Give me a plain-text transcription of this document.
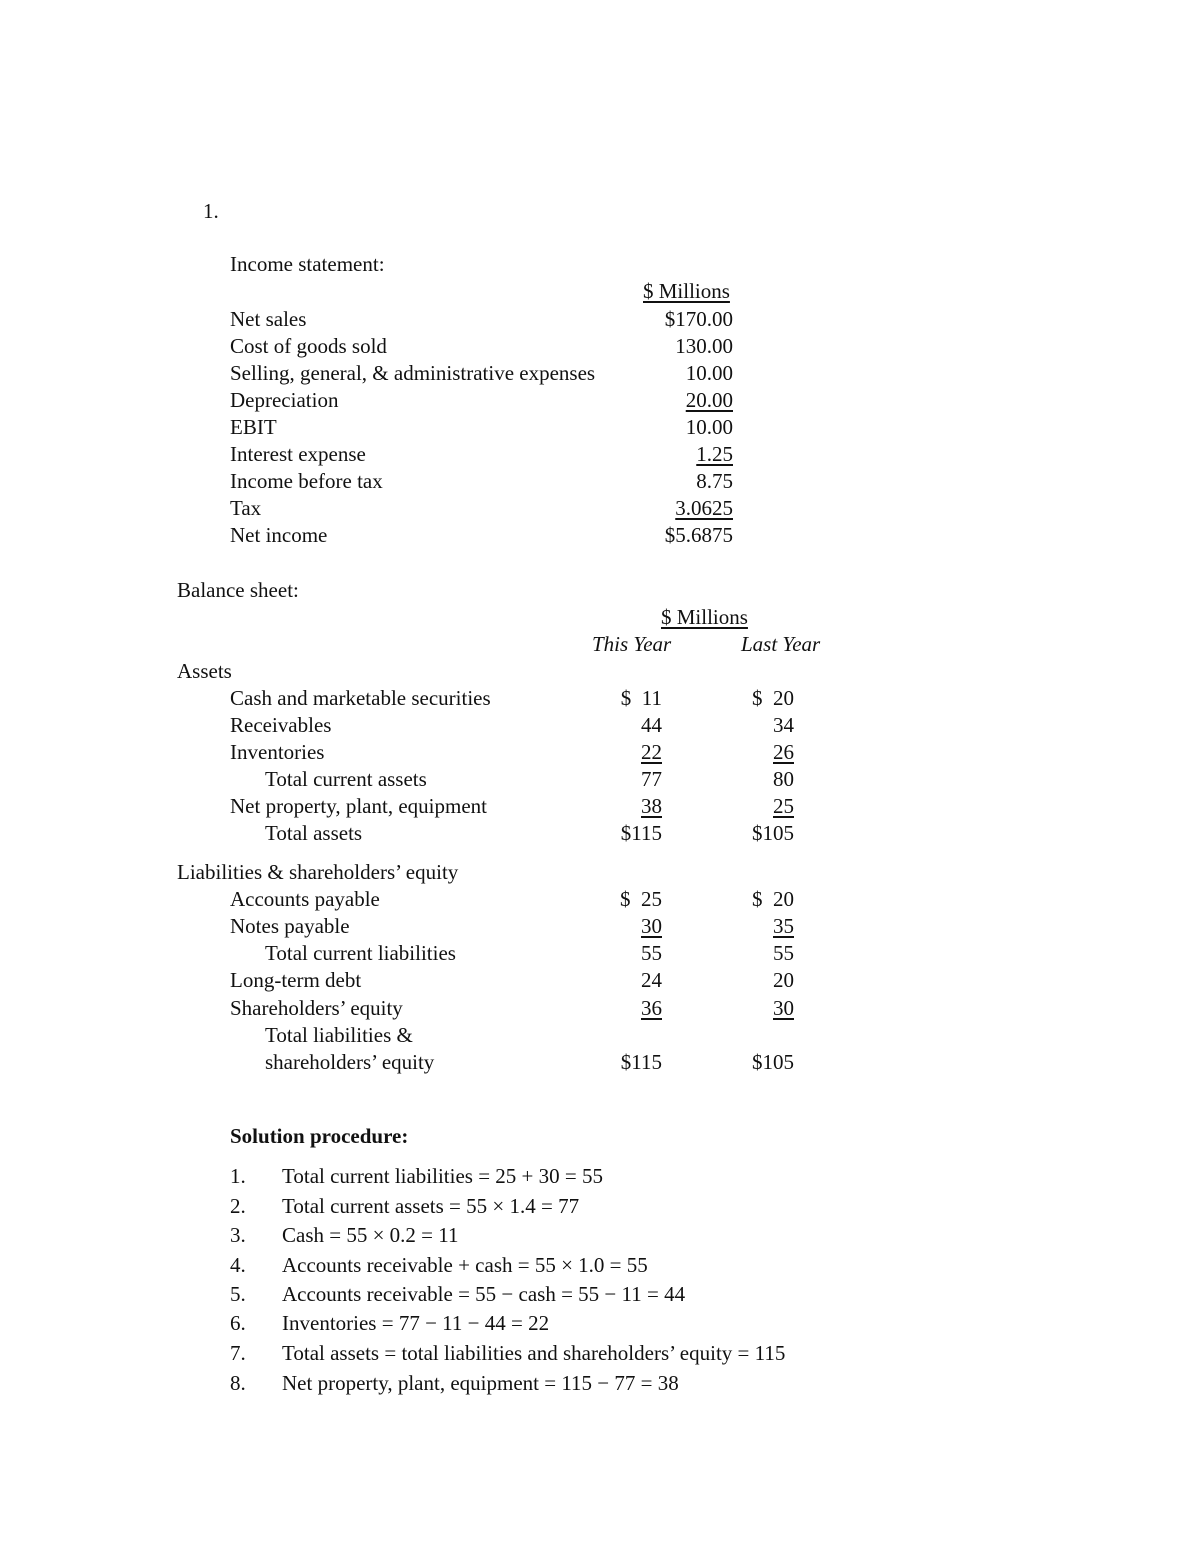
1.
Income statement:
$ Millions
Net sales	$170.00
Cost of goods sold	130.00
Selling, general, & administrative expenses	10.00
Depreciation	20.00
EBIT	10.00
Interest expense	1.25
Income before tax	8.75
Tax	3.0625
Net income	$5.6875
Balance sheet:
$ Millions
This Year	Last Year
Assets
Cash and marketable securities	$  11	$  20
Receivables	44	34
Inventories	22	26
Total current assets	77	80
Net property, plant, equipment	38	25
Total assets	$115	$105
Liabilities & shareholders’ equity
Accounts payable	$  25	$  20
Notes payable	30	35
Total current liabilities	55	55
Long-term debt	24	20
Shareholders’ equity	36	30
Total liabilities &
shareholders’ equity	$115	$105
Solution procedure:
1. Total current liabilities = 25 + 30 = 55
2. Total current assets = 55 × 1.4 = 77
3. Cash = 55 × 0.2 = 11
4. Accounts receivable + cash = 55 × 1.0 = 55
5. Accounts receivable = 55 − cash = 55 − 11 = 44
6. Inventories = 77 − 11 − 44 = 22
7. Total assets = total liabilities and shareholders’ equity = 115
8. Net property, plant, equipment = 115 − 77 = 38
